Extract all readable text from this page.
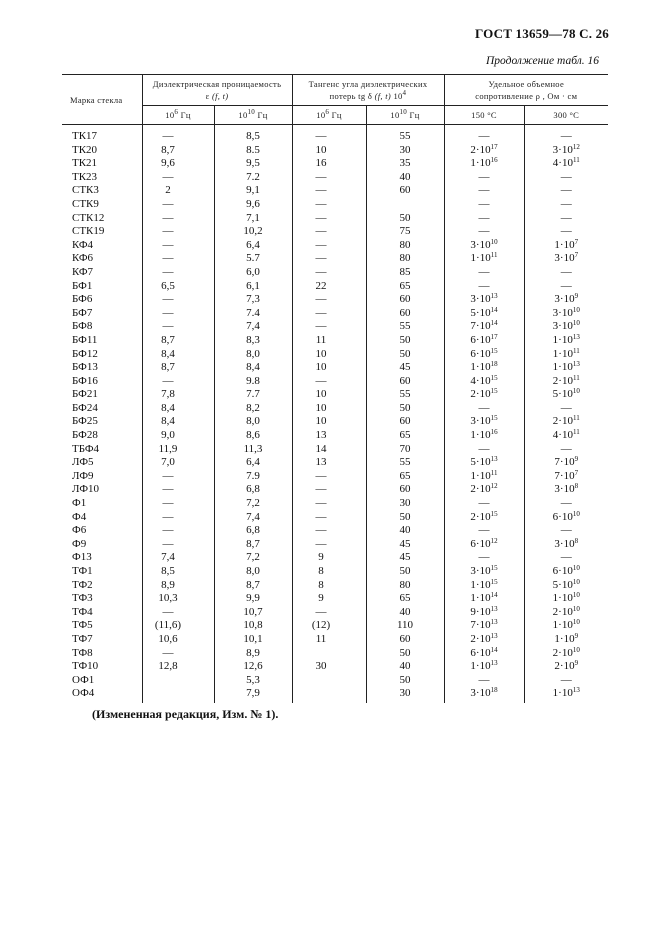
ГОСТ 13659—78 С. 26
Продолжение табл. 16
Марка стекла	Диэлектрическая проницаемость
ε (f, t)		Тангенс угла диэлектрических
потерь tg δ (f, t) $10^4$		Удельное объемное
сопротивление ρ , Ом · см	
	$10^6$ Гц	$10^{10}$ Гц	$10^6$ Гц	$10^{10}$ Гц	150 °С	300 °С
ТК17	—	8,5	—	55	—	—
ТК20	8,7	8.5	10	30	$2\cdot 10^{17}$	$3\cdot 10^{12}$
ТК21	9,6	9,5	16	35	$1\cdot 10^{16}$	$4\cdot 10^{11}$
ТК23	—	7.2	—	40	—	—
СТК3	2	9,1	—	60	—	—
СТК9	—	9,6	—		—	—
СТК12	—	7,1	—	50	—	—
СТК19	—	10,2	—	75	—	—
КФ4	—	6,4	—	80	$3\cdot 10^{10}$	$1\cdot 10^7$
КФ6	—	5.7	—	80	$1\cdot 10^{11}$	$3\cdot 10^7$
КФ7	—	6,0	—	85	—	—
БФ1	6,5	6,1	22	65	—	—
БФ6	—	7,3	—	60	$3\cdot 10^{13}$	$3\cdot 10^9$
БФ7	—	7.4	—	60	$5\cdot 10^{14}$	$3\cdot 10^{10}$
БФ8	—	7,4	—	55	$7\cdot 10^{14}$	$3\cdot 10^{10}$
БФ11	8,7	8,3	11	50	$6\cdot 10^{17}$	$1\cdot 10^{13}$
БФ12	8,4	8,0	10	50	$6\cdot 10^{15}$	$1\cdot 10^{11}$
БФ13	8,7	8,4	10	45	$1\cdot 10^{18}$	$1\cdot 10^{13}$
БФ16	—	9.8	—	60	$4\cdot 10^{15}$	$2\cdot 10^{11}$
БФ21	7,8	7.7	10	55	$2\cdot 10^{15}$	$5\cdot 10^{10}$
БФ24	8,4	8,2	10	50	—	—
БФ25	8,4	8,0	10	60	$3\cdot 10^{15}$	$2\cdot 10^{11}$
БФ28	9,0	8,6	13	65	$1\cdot 10^{16}$	$4\cdot 10^{11}$
ТБФ4	11,9	11,3	14	70	—	—
ЛФ5	7,0	6,4	13	55	$5\cdot 10^{13}$	$7\cdot 10^9$
ЛФ9	—	7.9	—	65	$1\cdot 10^{11}$	$7\cdot 10^7$
ЛФ10	—	6,8	—	60	$2\cdot 10^{12}$	$3\cdot 10^8$
Ф1	—	7,2	—	30	—	—
Ф4	—	7,4	—	50	$2\cdot 10^{15}$	$6\cdot 10^{10}$
Ф6	—	6,8	—	40	—	—
Ф9	—	8,7	—	45	$6\cdot 10^{12}$	$3\cdot 10^8$
Ф13	7,4	7,2	9	45	—	—
ТФ1	8,5	8,0	8	50	$3\cdot 10^{15}$	$6\cdot 10^{10}$
ТФ2	8,9	8,7	8	80	$1\cdot 10^{15}$	$5\cdot 10^{10}$
ТФ3	10,3	9,9	9	65	$1\cdot 10^{14}$	$1\cdot 10^{10}$
ТФ4	—	10,7	—	40	$9\cdot 10^{13}$	$2\cdot 10^{10}$
ТФ5	(11,6)	10,8	(12)	110	$7\cdot 10^{13}$	$1\cdot 10^{10}$
ТФ7	10,6	10,1	11	60	$2\cdot 10^{13}$	$1\cdot 10^9$
ТФ8	—	8,9		50	$6\cdot 10^{14}$	$2\cdot 10^{10}$
ТФ10	12,8	12,6	30	40	$1\cdot 10^{13}$	$2\cdot 10^9$
ОФ1		5,3		50	—	—
ОФ4		7,9		30	$3\cdot 10^{18}$	$1\cdot 10^{13}$
(Измененная редакция, Изм. № 1).
